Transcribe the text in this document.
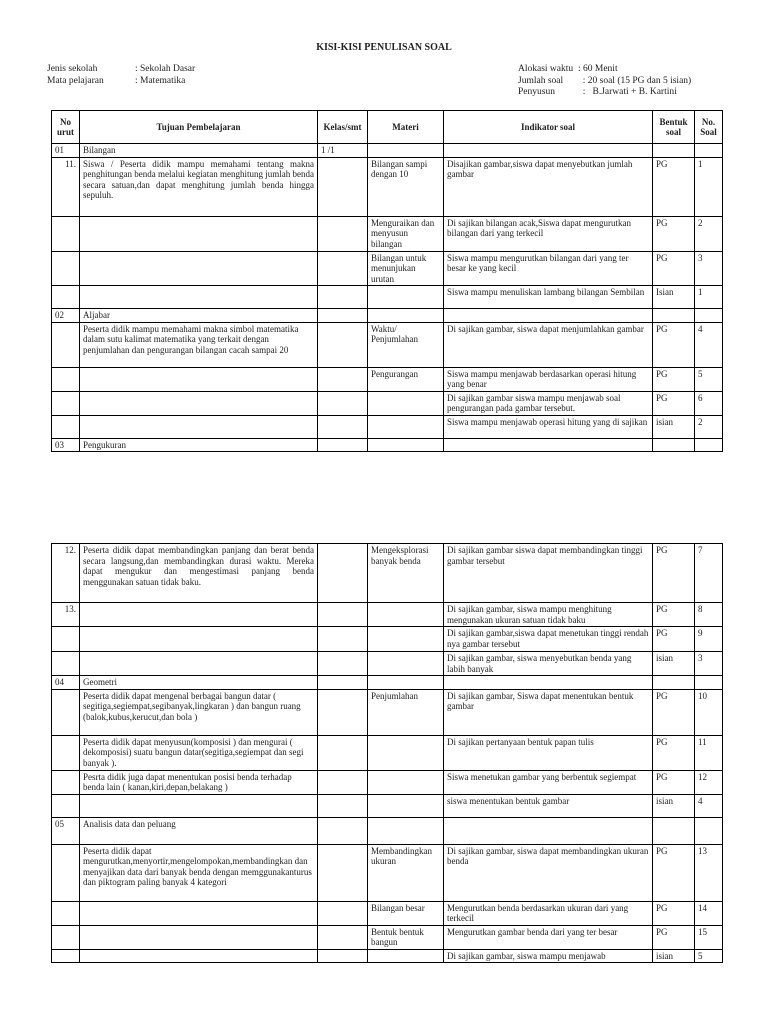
KISI-KISI PENULISAN SOAL
Jenis sekolah	: Sekolah Dasar
Mata pelajaran	: Matematika
Alokasi waktu : 60 Menit
Jumlah soal  : 20 soal (15 PG dan 5 isian)
Penyusun  :   B.Jarwati + B. Kartini
No urut	Tujuan Pembelajaran	Kelas/smt	Materi	Indikator soal	Bentuk soal	No. Soal
01	Bilangan	1 /1				
11.	Siswa / Peserta didik mampu memahami tentang makna penghitungan benda melalui kegiatan menghitung jumlah benda secara satuan,dan dapat menghitung jumlah benda hingga sepuluh.		Bilangan sampi dengan 10	Disajikan gambar,siswa dapat menyebutkan jumlah gambar	PG	1
			Menguraikan dan menyusun bilangan	Di sajikan bilangan acak,Siswa dapat mengurutkan bilangan dari yang terkecil	PG	2
			Bilangan untuk menunjukan urutan	Siswa mampu mengurutkan bilangan dari yang ter besar ke yang kecil	PG	3
				Siswa mampu menuliskan lambang bilangan Sembilan	Isian	1
02	Aljabar					
	Peserta didik mampu memahami makna simbol matematika dalam sutu kalimat matematika yang terkait dengan penjumlahan dan pengurangan bilangan cacah sampai 20		Waktu/ Penjumlahan	Di sajikan gambar, siswa dapat menjumlahkan gambar	PG	4
			Pengurangan	Siswa mampu menjawab berdasarkan operasi hitung yang benar	PG	5
				Di sajikan gambar siswa mampu menjawab soal pengurangan pada gambar tersebut.	PG	6
				Siswa mampu menjawab operasi hitung yang di sajikan	isian	2
03	Pengukuran					
12.	Peserta didik dapat membandingkan panjang dan berat benda secara langsung,dan membandingkan durasi waktu. Mereka dapat mengukur dan mengestimasi panjang benda menggunakan satuan tidak baku.		Mengeksplorasi banyak benda	Di sajikan gambar siswa dapat membandingkan tinggi gambar tersebut	PG	7
13.				Di sajikan gambar, siswa mampu menghitung mengunakan ukuran satuan tidak baku	PG	8
				Di sajikan gambar,siswa dapat menetukan tinggi rendah nya gambar tersebut	PG	9
				Di sajikan gambar, siswa menyebutkan benda yang labih banyak	isian	3
04	Geometri					
	Peserta didik dapat mengenal berbagai bangun datar ( segitiga,segiempat,segibanyak,lingkaran ) dan bangun ruang (balok,kubus,kerucut,dan bola )		Penjumlahan	Di sajikan gambar, Siswa dapat menentukan bentuk gambar	PG	10
	Peserta didik dapat menyusun(komposisi ) dan mengurai ( dekomposisi) suatu bangun datar(segitiga,segiempat dan segi banyak ).			Di sajikan pertanyaan bentuk papan tulis	PG	11
	Pesrta didik juga dapat menentukan posisi benda terhadap benda lain ( kanan,kiri,depan,belakang )			Siswa menetukan gambar yang berbentuk segiempat	PG	12
				siswa menentukan bentuk gambar	isian	4
05	Analisis data dan peluang					
	Peserta didik dapat mengurutkan,menyortir,mengelompokan,membandingkan dan menyajikan data dari banyak benda dengan memggunakanturus dan piktogram paling banyak 4 kategori		Membandingkan ukuran	Di sajikan gambar, siswa dapat membandingkan ukuran benda	PG	13
			Bilangan besar	Mengurutkan benda berdasarkan ukuran dari yang terkecil	PG	14
			Bentuk bentuk bangun	Mengurutkan gambar benda dari yang ter besar	PG	15
				Di sajikan gambar, siswa mampu menjawab	isian	5
